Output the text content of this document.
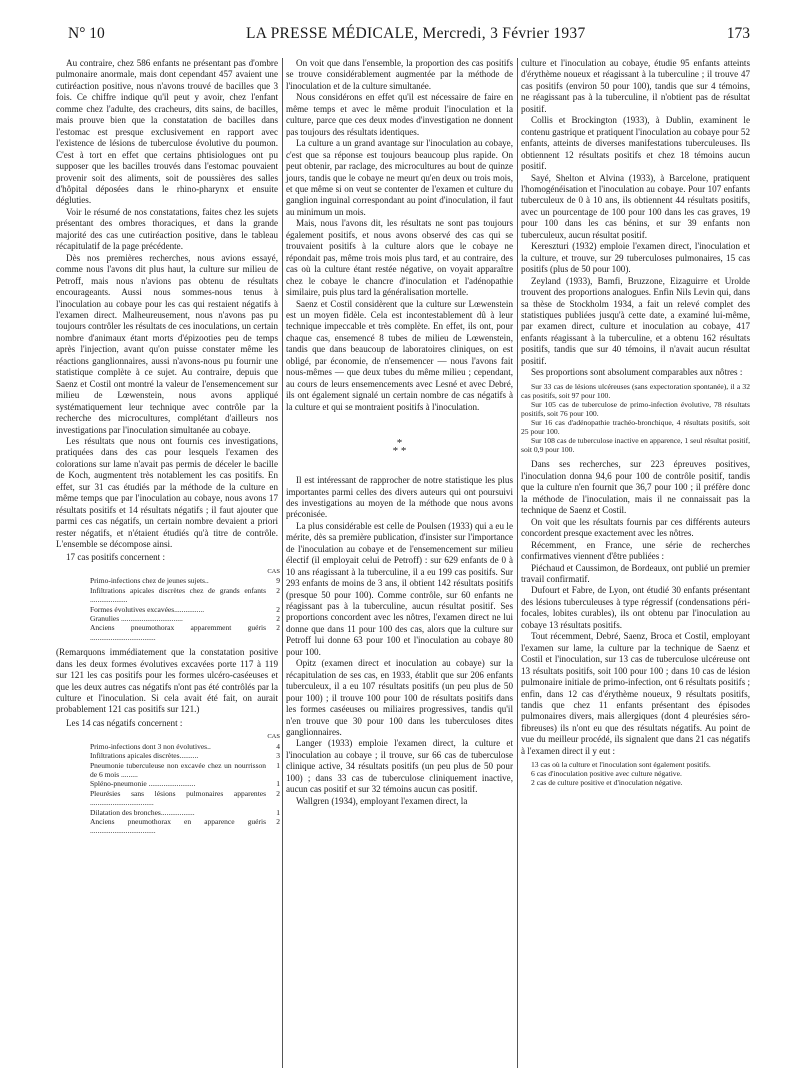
N° 10	LA PRESSE MÉDICALE, Mercredi, 3 Février 1937	173

Au contraire, chez 586 enfants ne présentant pas d'ombre pulmonaire anormale, mais dont cependant 457 avaient une cutiréaction positive, nous n'avons trouvé de bacilles que 3 fois. Ce chiffre indique qu'il peut y avoir, chez l'enfant comme chez l'adulte, des cracheurs, dits sains, de bacilles, mais prouve bien que la constatation de bacilles dans l'estomac est presque exclusivement en rapport avec l'existence de lésions de tuberculose évolutive du poumon. C'est à tort en effet que certains phtisiologues ont pu supposer que les bacilles trouvés dans l'estomac pouvaient provenir soit des aliments, soit de poussières des salles d'hôpital déposées dans le rhino-pharynx et ensuite dégluties.

Voir le résumé de nos constatations, faites chez les sujets présentant des ombres thoraciques, et dans la grande majorité des cas une cutiréaction positive, dans le tableau récapitulatif de la page précédente.

Dès nos premières recherches, nous avions essayé, comme nous l'avons dit plus haut, la culture sur milieu de Petroff, mais nous n'avions pas obtenu de résultats encourageants. Aussi nous sommes-nous tenus à l'inoculation au cobaye pour les cas qui restaient négatifs à l'examen direct. Malheureusement, nous n'avons pas pu toujours contrôler les résultats de ces inoculations, un certain nombre d'animaux étant morts d'épizooties peu de temps après l'injection, avant qu'on puisse constater même les réactions ganglionnaires, aussi n'avons-nous pu fournir une statistique complète à ce sujet. Au contraire, depuis que Saenz et Costil ont montré la valeur de l'ensemencement sur milieu de Lœwenstein, nous avons appliqué systématiquement leur technique avec contrôle par la recherche des microcultures, complétant d'ailleurs nos investigations par l'inoculation simultanée au cobaye.

Les résultats que nous ont fournis ces investigations, pratiquées dans des cas pour lesquels l'examen des colorations sur lame n'avait pas permis de déceler le bacille de Koch, augmentent très notablement les cas positifs. En effet, sur 31 cas étudiés par la méthode de la culture en même temps que par l'inoculation au cobaye, nous avons 17 résultats positifs et 14 résultats négatifs ; il faut ajouter que parmi ces cas négatifs, un certain nombre devaient a priori rester négatifs, et n'étaient étudiés qu'à titre de contrôle. L'ensemble se décompose ainsi.

17 cas positifs concernent :
	CAS
Primo-infections chez de jeunes sujets..	9
Infiltrations apicales discrètes chez de grands enfants ....................	2
Formes évolutives excavées................	2
Granulies .................................	2
Anciens pneumothorax apparemment guéris ...................................	2

(Remarquons immédiatement que la constatation positive dans les deux formes évolutives excavées porte 117 à 119 sur 121 les cas positifs pour les formes ulcéro-caséeuses et que les deux autres cas négatifs n'ont pas été contrôlés par la culture et l'inoculation. Si cela avait été fait, on aurait probablement 121 cas positifs sur 121.)

Les 14 cas négatifs concernent :
	CAS
Primo-infections dont 3 non évolutives..	4
Infiltrations apicales discrètes..........	3
Pneumonie tuberculeuse non excavée chez un nourrisson de 6 mois .........	1
Spléno-pneumonie .........................	1
Pleurésies sans lésions pulmonaires apparentes ..................................	2
Dilatation des bronches..................	1
Anciens pneumothorax en apparence guéris ...................................	2

On voit que dans l'ensemble, la proportion des cas positifs se trouve considérablement augmentée par la méthode de l'inoculation et de la culture simultanée.

Nous considérons en effet qu'il est nécessaire de faire en même temps et avec le même produit l'inoculation et la culture, parce que ces deux modes d'investigation ne donnent pas toujours des résultats identiques.

La culture a un grand avantage sur l'inoculation au cobaye, c'est que sa réponse est toujours beaucoup plus rapide. On peut obtenir, par raclage, des microcultures au bout de quinze jours, tandis que le cobaye ne meurt qu'en deux ou trois mois, et que même si on veut se contenter de l'examen et culture du ganglion inguinal correspondant au point d'inoculation, il faut au minimum un mois.

Mais, nous l'avons dit, les résultats ne sont pas toujours également positifs, et nous avons observé des cas qui se trouvaient positifs à la culture alors que le cobaye ne répondait pas, même trois mois plus tard, et au contraire, des cas où la culture étant restée négative, on voyait apparaître chez le cobaye le chancre d'inoculation et l'adénopathie similaire, puis plus tard la généralisation mortelle.

Saenz et Costil considèrent que la culture sur Lœwenstein est un moyen fidèle. Cela est incontestablement dû à leur technique impeccable et très complète. En effet, ils ont, pour chaque cas, ensemencé 8 tubes de milieu de Lœwenstein, tandis que dans beaucoup de laboratoires cliniques, on est obligé, par économie, de n'ensemencer — nous l'avons fait nous-mêmes — que deux tubes du même milieu ; cependant, au cours de leurs ensemencements avec Lesné et avec Debré, ils ont également signalé un certain nombre de cas négatifs à la culture et qui se montraient positifs à l'inoculation.

*
* *

Il est intéressant de rapprocher de notre statistique les plus importantes parmi celles des divers auteurs qui ont poursuivi des investigations au moyen de la méthode que nous avons préconisée.

La plus considérable est celle de Poulsen (1933) qui a eu le mérite, dès sa première publication, d'insister sur l'importance de l'inoculation au cobaye et de l'ensemencement sur milieu électif (il employait celui de Petroff) : sur 629 enfants de 0 à 10 ans réagissant à la tuberculine, il a eu 199 cas positifs. Sur 293 enfants de moins de 3 ans, il obtient 142 résultats positifs (presque 50 pour 100). Comme contrôle, sur 60 enfants ne réagissant pas à la tuberculine, aucun résultat positif. Ses proportions concordent avec les nôtres, l'examen direct ne lui donne que dans 11 pour 100 des cas, alors que la culture sur Petroff lui donne 63 pour 100 et l'inoculation au cobaye 80 pour 100.

Opitz (examen direct et inoculation au cobaye) sur la récapitulation de ses cas, en 1933, établit que sur 206 enfants tuberculeux, il a eu 107 résultats positifs (un peu plus de 50 pour 100) ; il trouve 100 pour 100 de résultats positifs dans les formes caséeuses ou miliaires progressives, tandis qu'il n'en trouve que 30 pour 100 dans les tuberculoses dites ganglionnaires.

Langer (1933) emploie l'examen direct, la culture et l'inoculation au cobaye ; il trouve, sur 66 cas de tuberculose clinique active, 34 résultats positifs (un peu plus de 50 pour 100) ; dans 33 cas de tuberculose cliniquement inactive, aucun cas positif et sur 32 témoins aucun cas positif.

Wallgren (1934), employant l'examen direct, la

culture et l'inoculation au cobaye, étudie 95 enfants atteints d'érythème noueux et réagissant à la tuberculine ; il trouve 47 cas positifs (environ 50 pour 100), tandis que sur 4 témoins, ne réagissant pas à la tuberculine, il n'obtient pas de résultat positif.

Collis et Brockington (1933), à Dublin, examinent le contenu gastrique et pratiquent l'inoculation au cobaye pour 52 enfants, atteints de diverses manifestations tuberculeuses. Ils obtiennent 12 résultats positifs et chez 18 témoins aucun positif.

Sayé, Shelton et Alvina (1933), à Barcelone, pratiquent l'homogénéisation et l'inoculation au cobaye. Pour 107 enfants tuberculeux de 0 à 10 ans, ils obtiennent 44 résultats positifs, avec un pourcentage de 100 pour 100 dans les cas graves, 19 pour 100 dans les cas bénins, et sur 39 enfants non tuberculeux, aucun résultat positif.

Kereszturi (1932) emploie l'examen direct, l'inoculation et la culture, et trouve, sur 29 tuberculoses pulmonaires, 15 cas positifs (plus de 50 pour 100).

Zeyland (1933), Bamfi, Bruzzone, Eizaguirre et Urolde trouvent des proportions analogues. Enfin Nils Levin qui, dans sa thèse de Stockholm 1934, a fait un relevé complet des statistiques publiées jusqu'à cette date, a examiné lui-même, par examen direct, culture et inoculation au cobaye, 417 enfants réagissant à la tuberculine, et a obtenu 162 résultats positifs, tandis que sur 40 témoins, il n'avait aucun résultat positif.

Ses proportions sont absolument comparables aux nôtres :

Sur 33 cas de lésions ulcéreuses (sans expectoration spontanée), il a 32 cas positifs, soit 97 pour 100.
Sur 105 cas de tuberculose de primo-infection évolutive, 78 résultats positifs, soit 76 pour 100.
Sur 16 cas d'adénopathie trachéo-bronchique, 4 résultats positifs, soit 25 pour 100.
Sur 108 cas de tuberculose inactive en apparence, 1 seul résultat positif, soit 0,9 pour 100.

Dans ses recherches, sur 223 épreuves positives, l'inoculation donna 94,6 pour 100 de contrôle positif, tandis que la culture n'en fournit que 36,7 pour 100 ; il préfère donc la méthode de l'inoculation, mais il ne connaissait pas la technique de Saenz et Costil.

On voit que les résultats fournis par ces différents auteurs concordent presque exactement avec les nôtres.

Récemment, en France, une série de recherches confirmatives viennent d'être publiées :

Piéchaud et Caussimon, de Bordeaux, ont publié un premier travail confirmatif.

Dufourt et Fabre, de Lyon, ont étudié 30 enfants présentant des lésions tuberculeuses à type régressif (condensations péri-focales, lobites curables), ils ont obtenu par l'inoculation au cobaye 13 résultats positifs.

Tout récemment, Debré, Saenz, Broca et Costil, employant l'examen sur lame, la culture par la technique de Saenz et Costil et l'inoculation, sur 13 cas de tuberculose ulcéreuse ont 13 résultats positifs, soit 100 pour 100 ; dans 10 cas de lésion pulmonaire initiale de primo-infection, ont 6 résultats positifs ; enfin, dans 12 cas d'érythème noueux, 9 résultats positifs, tandis que chez 11 enfants présentant des épisodes pulmonaires divers, mais allergiques (dont 4 pleurésies séro-fibreuses) ils n'ont eu que des résultats négatifs. Au point de vue du meilleur procédé, ils signalent que dans 21 cas négatifs à l'examen direct il y eut :

13 cas où la culture et l'inoculation sont également positifs.
6 cas d'inoculation positive avec culture négative.
2 cas de culture positive et d'inoculation négative.
